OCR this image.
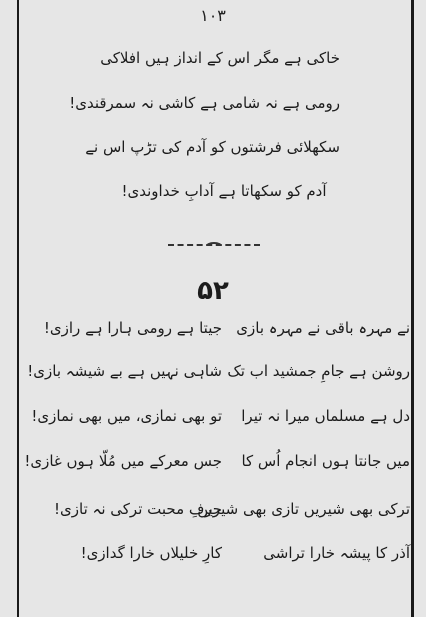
۱۰۳
خاکی ہے مگر اس کے انداز ہیں افلاکی
رومی ہے نہ شامی ہے کاشی نہ سمرقندی!
سکھلائی فرشتوں کو آدم کی تڑپ اس نے
آدم کو سکھاتا ہے آدابِ خداوندی!
۵۲
نے مہرہ باقی نے مہرہ بازی
جیتا ہے رومی ہارا ہے رازی!
روشن ہے جامِ جمشید اب تک
شاہی نہیں ہے بے شیشہ بازی!
دل ہے مسلماں میرا نہ تیرا
تو بھی نمازی، میں بھی نمازی!
میں جانتا ہوں انجام اُس کا
جس معرکے میں مُلّا ہوں غازی!
ترکی بھی شیریں تازی بھی شیریں
حرفِ محبت ترکی نہ تازی!
آذر کا پیشہ خارا تراشی
کارِ خلیلاں خارا گدازی!
